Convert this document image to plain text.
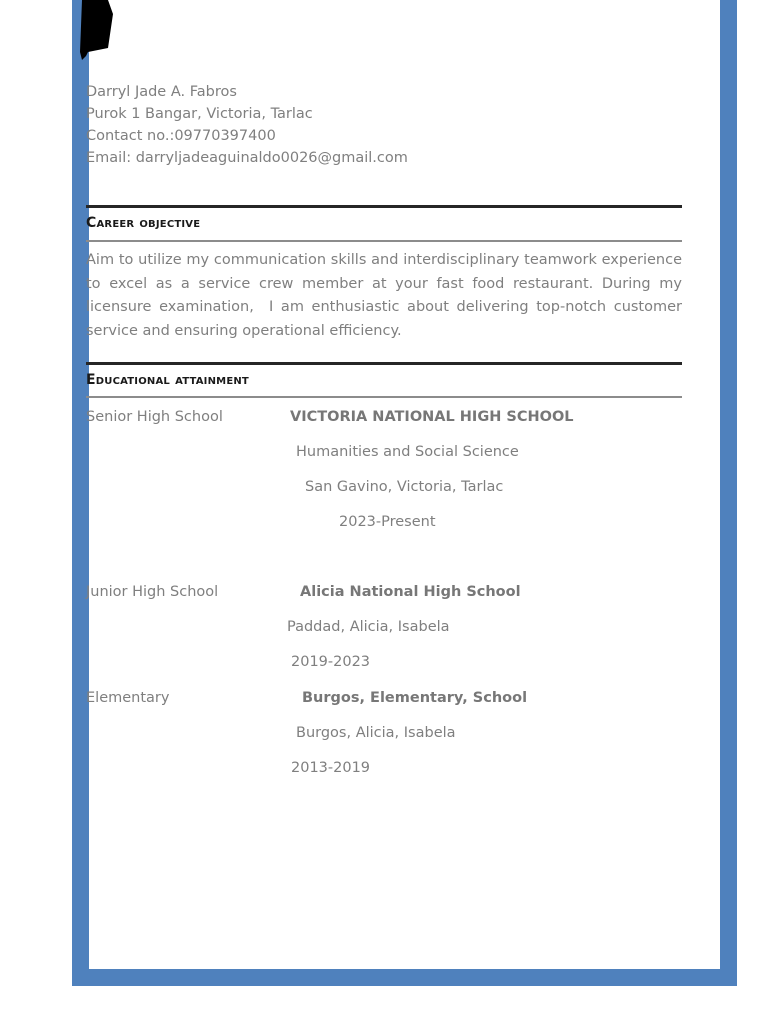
Darryl Jade A. Fabros
Purok 1 Bangar, Victoria, Tarlac
Contact no.:09770397400
Email: darryljadeaguinaldo0026@gmail.com
Career objective
Aim to utilize my communication skills and interdisciplinary teamwork experience to excel as a service crew member at your fast food restaurant. During my licensure examination,  I am enthusiastic about delivering top-notch customer service and ensuring operational efficiency.
Educational attainment
Senior High School	VICTORIA NATIONAL HIGH SCHOOL
Humanities and Social Science
San Gavino, Victoria, Tarlac
2023-Present
Junior High School	Alicia National High School
Paddad, Alicia, Isabela
2019-2023
Elementary	Burgos, Elementary, School
Burgos, Alicia, Isabela
2013-2019
